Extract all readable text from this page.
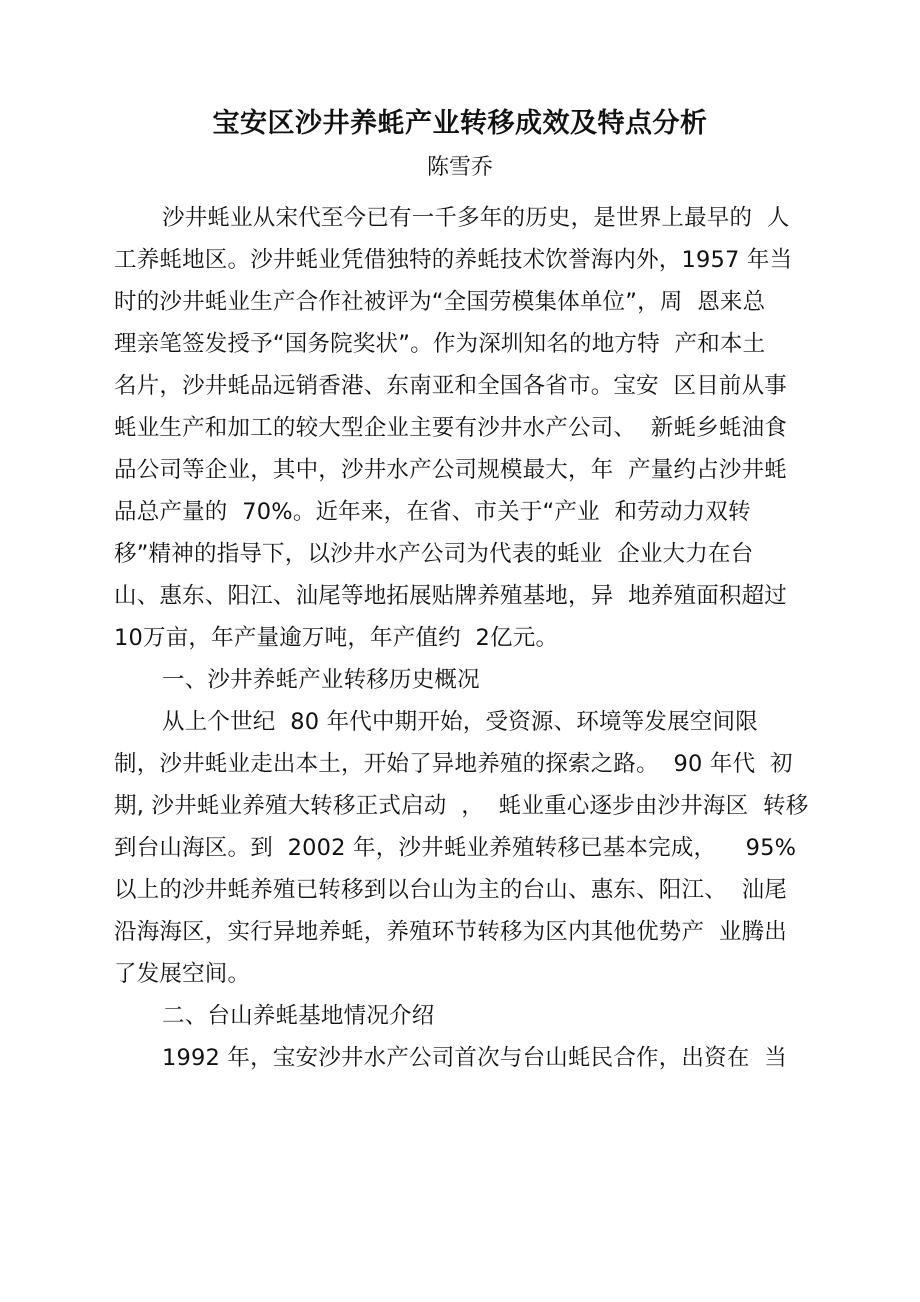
宝安区沙井养蚝产业转移成效及特点分析
陈雪乔
沙井蚝业从宋代至今已有一千多年的历史，是世界上最早的  人
工养蚝地区。沙井蚝业凭借独特的养蚝技术饮誉海内外，1957 年当
时的沙井蚝业生产合作社被评为“全国劳模集体单位”，周  恩来总
理亲笔签发授予“国务院奖状”。作为深圳知名的地方特  产和本土
名片，沙井蚝品远销香港、东南亚和全国各省市。宝安  区目前从事
蚝业生产和加工的较大型企业主要有沙井水产公司、  新蚝乡蚝油食
品公司等企业，其中，沙井水产公司规模最大，年  产量约占沙井蚝
品总产量的  70%。近年来，在省、市关于“产业  和劳动力双转
移”精神的指导下，以沙井水产公司为代表的蚝业  企业大力在台
山、惠东、阳江、汕尾等地拓展贴牌养殖基地，异  地养殖面积超过
10万亩，年产量逾万吨，年产值约  2亿元。
一、沙井养蚝产业转移历史概况
从上个世纪  80 年代中期开始，受资源、环境等发展空间限
制，沙井蚝业走出本土，开始了异地养殖的探索之路。  90 年代  初
期, 沙井蚝业养殖大转移正式启动  ，  蚝业重心逐步由沙井海区  转移
到台山海区。到  2002 年，沙井蚝业养殖转移已基本完成，    95%
以上的沙井蚝养殖已转移到以台山为主的台山、惠东、阳江、  汕尾
沿海海区，实行异地养蚝，养殖环节转移为区内其他优势产  业腾出
了发展空间。
二、台山养蚝基地情况介绍
1992 年，宝安沙井水产公司首次与台山蚝民合作，出资在  当
